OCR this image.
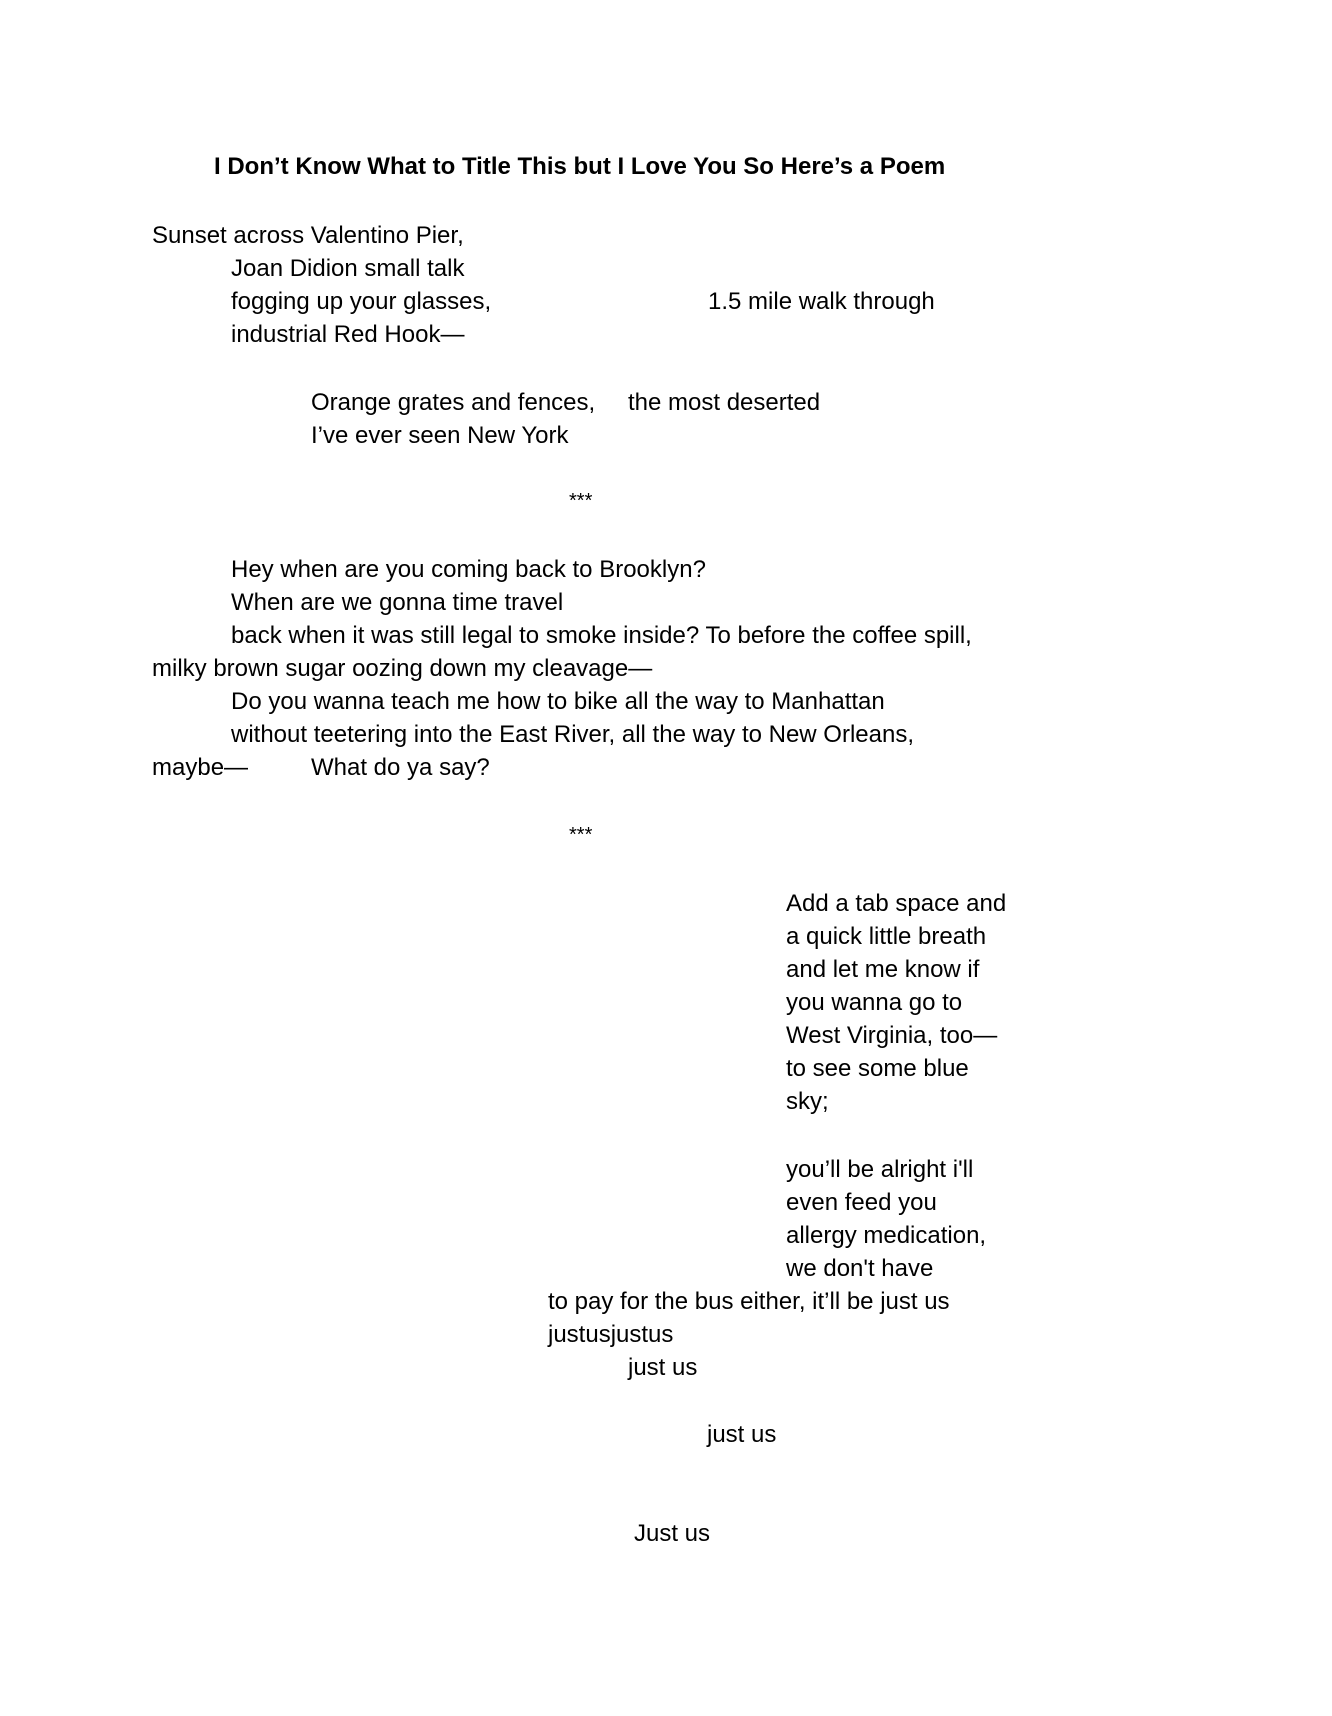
I Don’t Know What to Title This but I Love You So Here’s a Poem
Sunset across Valentino Pier,
Joan Didion small talk
fogging up your glasses,	1.5 mile walk through
industrial Red Hook—
Orange grates and fences, the most deserted
I’ve ever seen New York
***
Hey when are you coming back to Brooklyn?
When are we gonna time travel
back when it was still legal to smoke inside? To before the coffee spill,
milky brown sugar oozing down my cleavage—
Do you wanna teach me how to bike all the way to Manhattan
without teetering into the East River, all the way to New Orleans,
maybe—	What do ya say?
***
Add a tab space and
a quick little breath
and let me know if
you wanna go to
West Virginia, too—
to see some blue
sky;
you’ll be alright i'll
even feed you
allergy medication,
we don't have
to pay for the bus either, it’ll be just us
justusjustus
just us
just us
Just us
